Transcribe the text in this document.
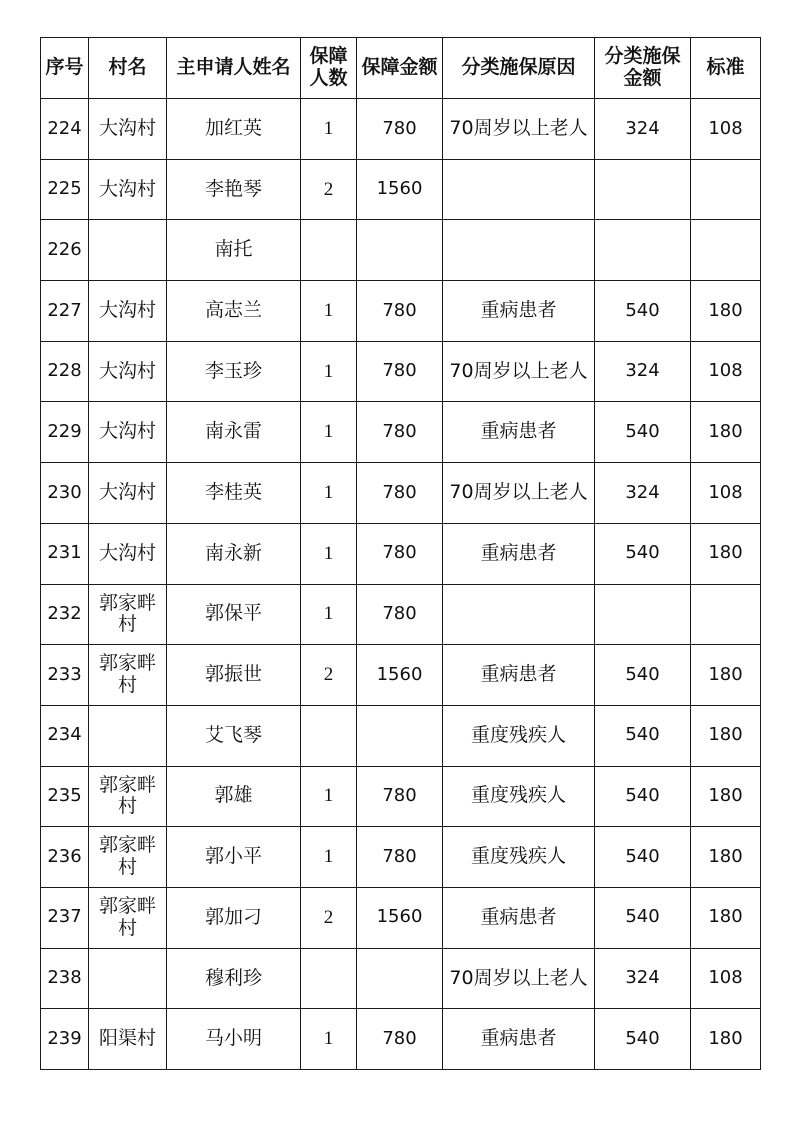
序号	村名	主申请人姓名	保障人数	保障金额	分类施保原因	分类施保金额	标准
224	大沟村	加红英	1	780	70周岁以上老人	324	108
225	大沟村	李艳琴	2	1560			
226		南托					
227	大沟村	高志兰	1	780	重病患者	540	180
228	大沟村	李玉珍	1	780	70周岁以上老人	324	108
229	大沟村	南永雷	1	780	重病患者	540	180
230	大沟村	李桂英	1	780	70周岁以上老人	324	108
231	大沟村	南永新	1	780	重病患者	540	180
232	郭家畔村	郭保平	1	780			
233	郭家畔村	郭振世	2	1560	重病患者	540	180
234		艾飞琴			重度残疾人	540	180
235	郭家畔村	郭雄	1	780	重度残疾人	540	180
236	郭家畔村	郭小平	1	780	重度残疾人	540	180
237	郭家畔村	郭加刁	2	1560	重病患者	540	180
238		穆利珍			70周岁以上老人	324	108
239	阳渠村	马小明	1	780	重病患者	540	180
